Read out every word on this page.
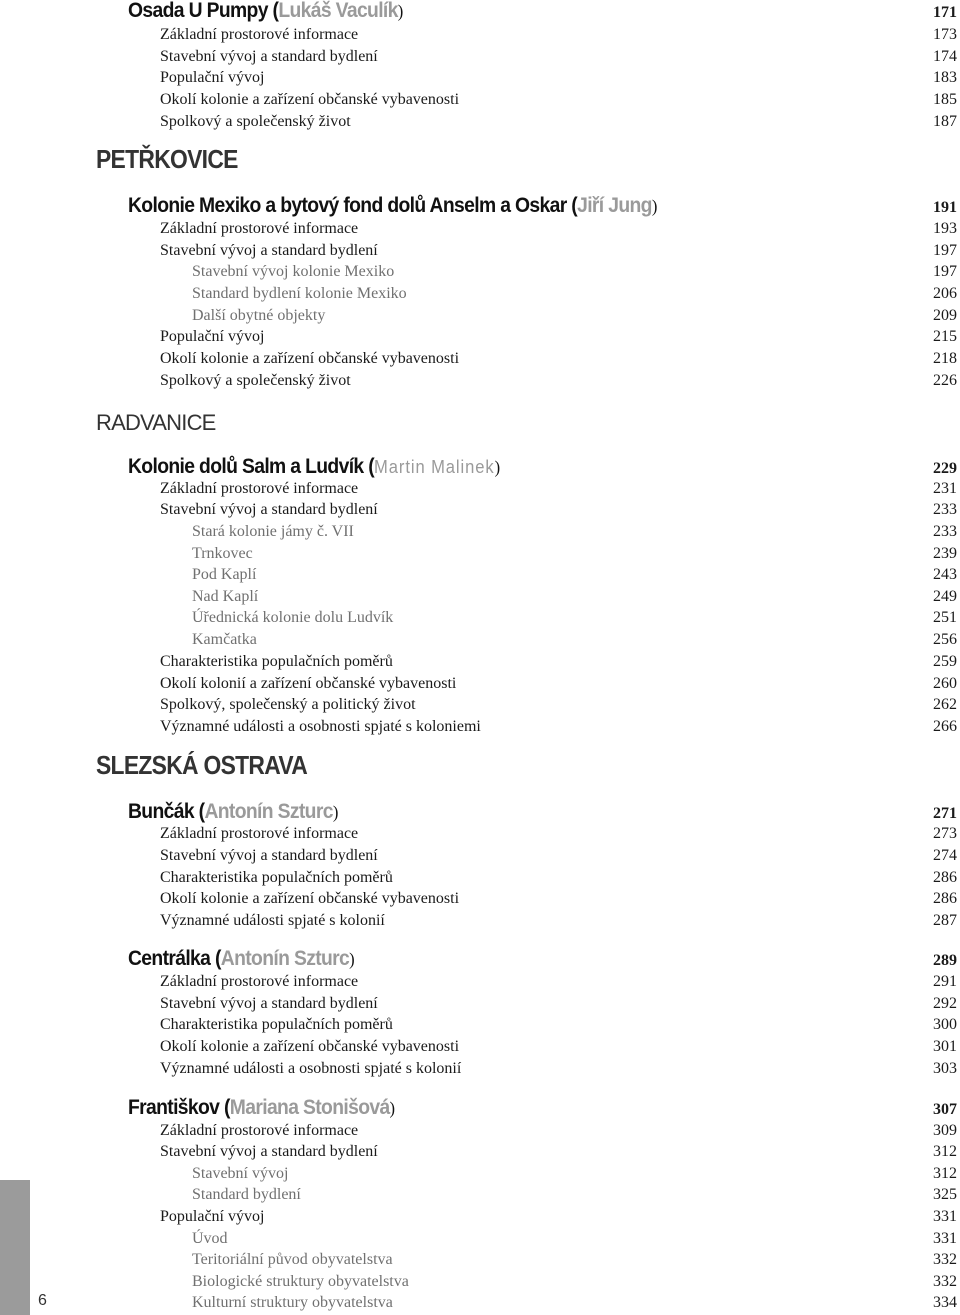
Osada U Pumpy (Lukáš Vaculík)	171
Základní prostorové informace	173
Stavební vývoj a standard bydlení	174
Populační vývoj	183
Okolí kolonie a zařízení občanské vybavenosti	185
Spolkový a společenský život	187
PETŘKOVICE
Kolonie Mexiko a bytový fond dolů Anselm a Oskar (Jiří Jung)	191
Základní prostorové informace	193
Stavební vývoj a standard bydlení	197
Stavební vývoj kolonie Mexiko	197
Standard bydlení kolonie Mexiko	206
Další obytné objekty	209
Populační vývoj	215
Okolí kolonie a zařízení občanské vybavenosti	218
Spolkový a společenský život	226
RADVANICE
Kolonie dolů Salm a Ludvík (Martin Malinek)	229
Základní prostorové informace	231
Stavební vývoj a standard bydlení	233
Stará kolonie jámy č. VII	233
Trnkovec	239
Pod Kaplí	243
Nad Kaplí	249
Úřednická kolonie dolu Ludvík	251
Kamčatka	256
Charakteristika populačních poměrů	259
Okolí kolonií a zařízení občanské vybavenosti	260
Spolkový, společenský a politický život	262
Významné události a osobnosti spjaté s koloniemi	266
SLEZSKÁ OSTRAVA
Bunčák (Antonín Szturc)	271
Základní prostorové informace	273
Stavební vývoj a standard bydlení	274
Charakteristika populačních poměrů	286
Okolí kolonie a zařízení občanské vybavenosti	286
Významné události spjaté s kolonií	287
Centrálka (Antonín Szturc)	289
Základní prostorové informace	291
Stavební vývoj a standard bydlení	292
Charakteristika populačních poměrů	300
Okolí kolonie a zařízení občanské vybavenosti	301
Významné události a osobnosti spjaté s kolonií	303
Františkov (Mariana Stonišová)	307
Základní prostorové informace	309
Stavební vývoj a standard bydlení	312
Stavební vývoj	312
Standard bydlení	325
Populační vývoj	331
Úvod	331
Teritoriální původ obyvatelstva	332
Biologické struktury obyvatelstva	332
Kulturní struktury obyvatelstva	334
6
